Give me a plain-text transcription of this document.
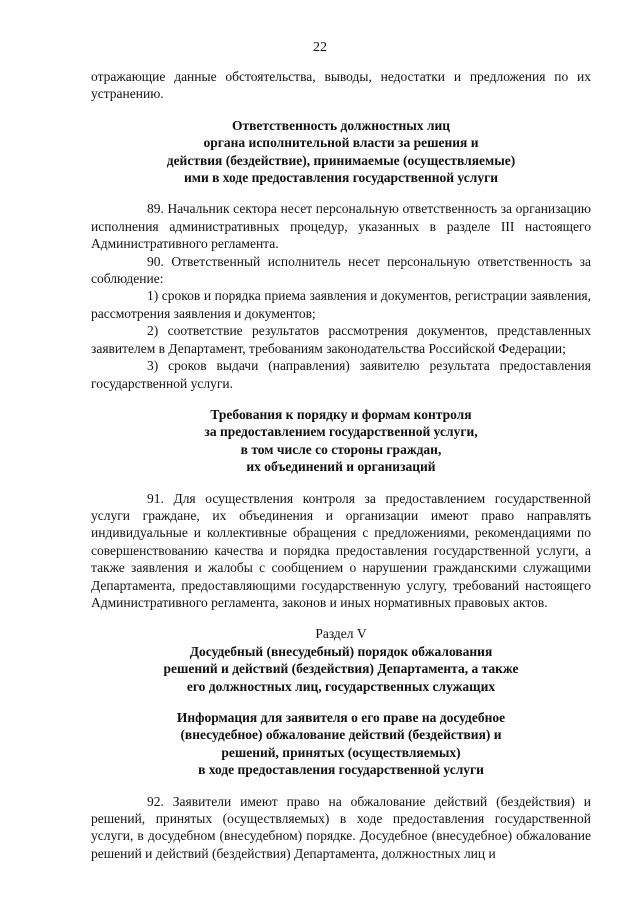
22

отражающие данные обстоятельства, выводы, недостатки и предложения по их устранению.

Ответственность должностных лиц
органа исполнительной власти за решения и
действия (бездействие), принимаемые (осуществляемые)
ими в ходе предоставления государственной услуги

89. Начальник сектора несет персональную ответственность за организацию исполнения административных процедур, указанных в разделе III настоящего Административного регламента.

90. Ответственный исполнитель несет персональную ответственность за соблюдение:

1) сроков и порядка приема заявления и документов, регистрации заявления, рассмотрения заявления и документов;

2) соответствие результатов рассмотрения документов, представленных заявителем в Департамент, требованиям законодательства Российской Федерации;

3) сроков выдачи (направления) заявителю результата предоставления государственной услуги.

Требования к порядку и формам контроля
за предоставлением государственной услуги,
в том числе со стороны граждан,
их объединений и организаций

91. Для осуществления контроля за предоставлением государственной услуги граждане, их объединения и организации имеют право направлять индивидуальные и коллективные обращения с предложениями, рекомендациями по совершенствованию качества и порядка предоставления государственной услуги, а также заявления и жалобы с сообщением о нарушении гражданскими служащими Департамента, предоставляющими государственную услугу, требований настоящего Административного регламента, законов и иных нормативных правовых актов.

Раздел V
Досудебный (внесудебный) порядок обжалования
решений и действий (бездействия) Департамента, а также
его должностных лиц, государственных служащих
Информация для заявителя о его праве на досудебное
(внесудебное) обжалование действий (бездействия) и
решений, принятых (осуществляемых)
в ходе предоставления государственной услуги

92. Заявители имеют право на обжалование действий (бездействия) и решений, принятых (осуществляемых) в ходе предоставления государственной услуги, в досудебном (внесудебном) порядке. Досудебное (внесудебное) обжалование решений и действий (бездействия) Департамента, должностных лиц и
